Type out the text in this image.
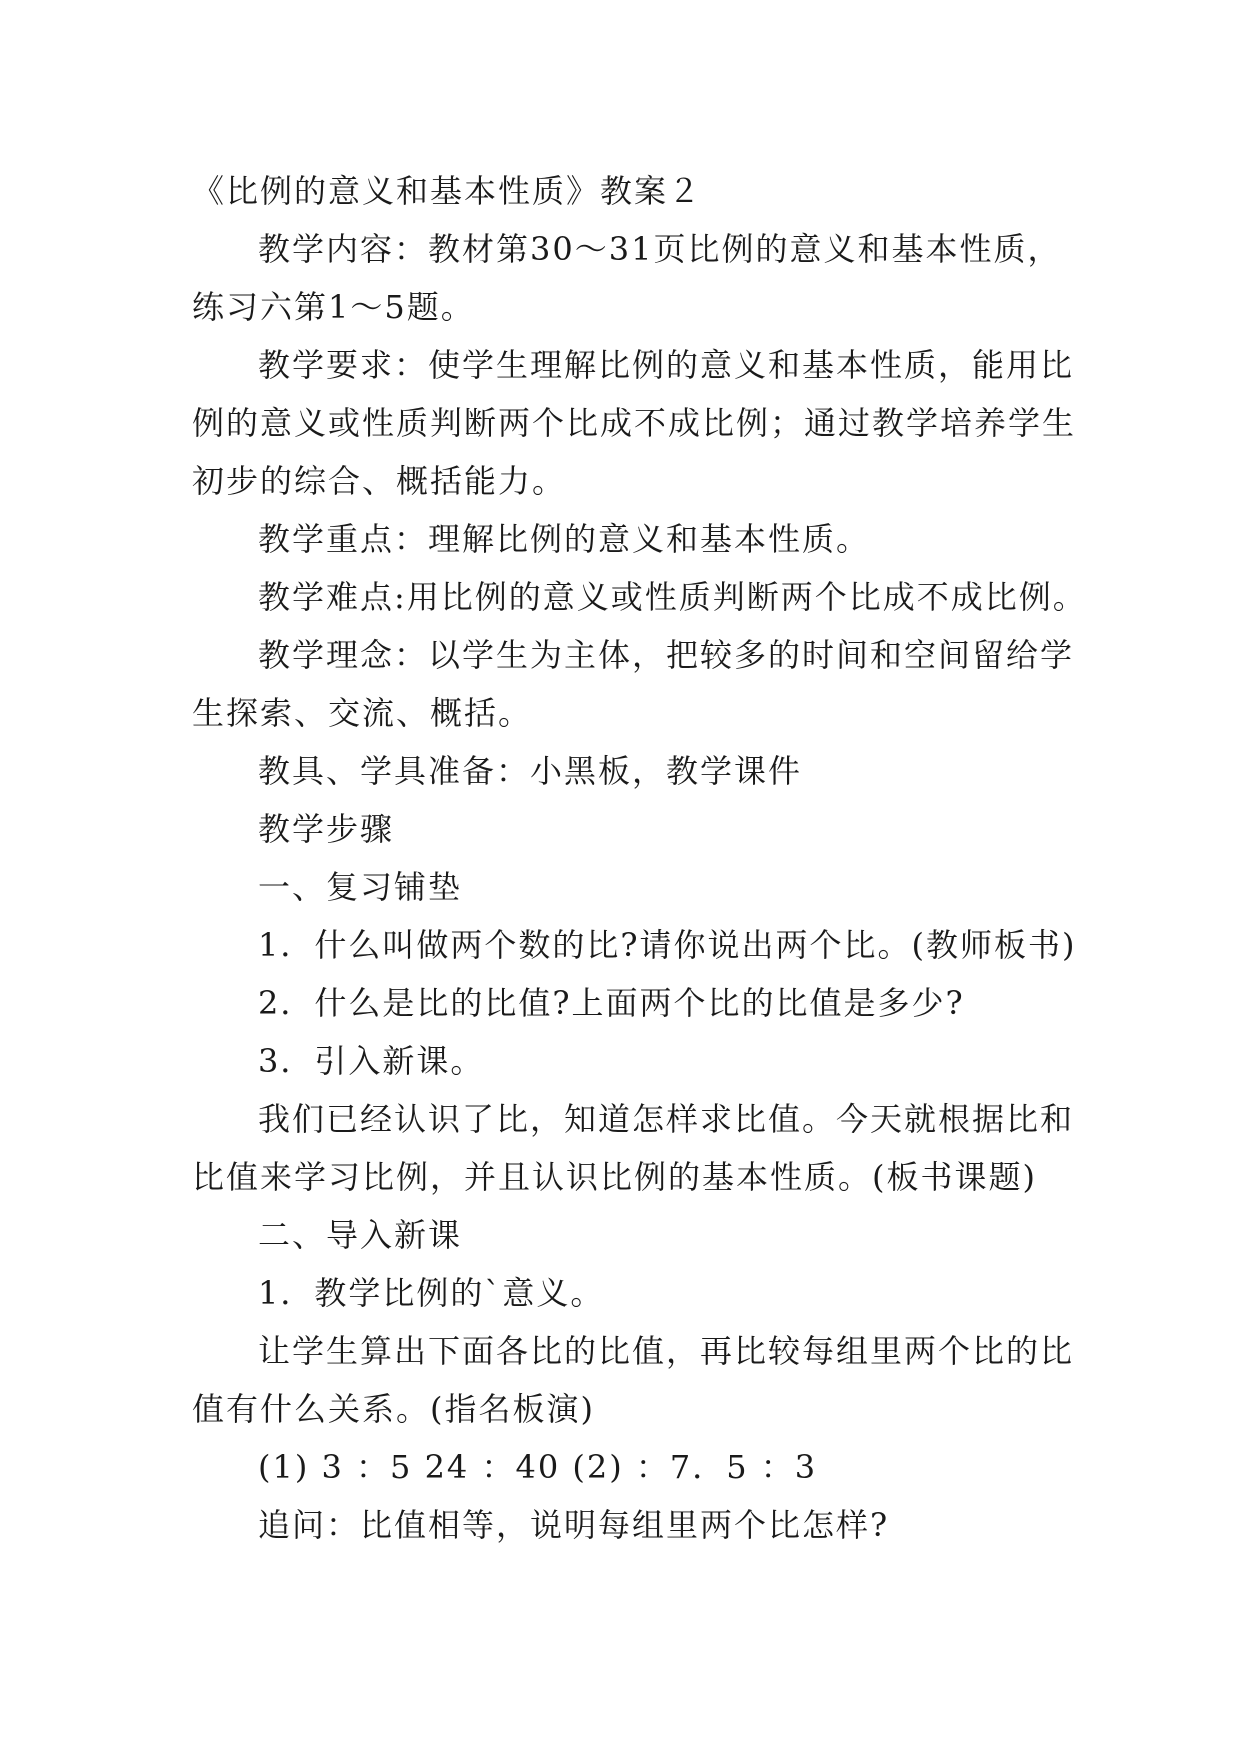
《比例的意义和基本性质》教案２
教学内容：教材第30～31页比例的意义和基本性质，
练习六第1～5题。
教学要求：使学生理解比例的意义和基本性质，能用比
例的意义或性质判断两个比成不成比例；通过教学培养学生
初步的综合、概括能力。
教学重点：理解比例的意义和基本性质。
教学难点:用比例的意义或性质判断两个比成不成比例。
教学理念：以学生为主体，把较多的时间和空间留给学
生探索、交流、概括。
教具、学具准备：小黑板，教学课件
教学步骤
一、复习铺垫
1．什么叫做两个数的比?请你说出两个比。(教师板书)
2．什么是比的比值?上面两个比的比值是多少?
3．引入新课。
我们已经认识了比，知道怎样求比值。今天就根据比和
比值来学习比例，并且认识比例的基本性质。(板书课题)
二、导入新课
1．教学比例的`意义。
让学生算出下面各比的比值，再比较每组里两个比的比
值有什么关系。(指名板演)
(1) 3 ：5 24 ：40 (2) ：7．5 ：3
追问：比值相等，说明每组里两个比怎样?
